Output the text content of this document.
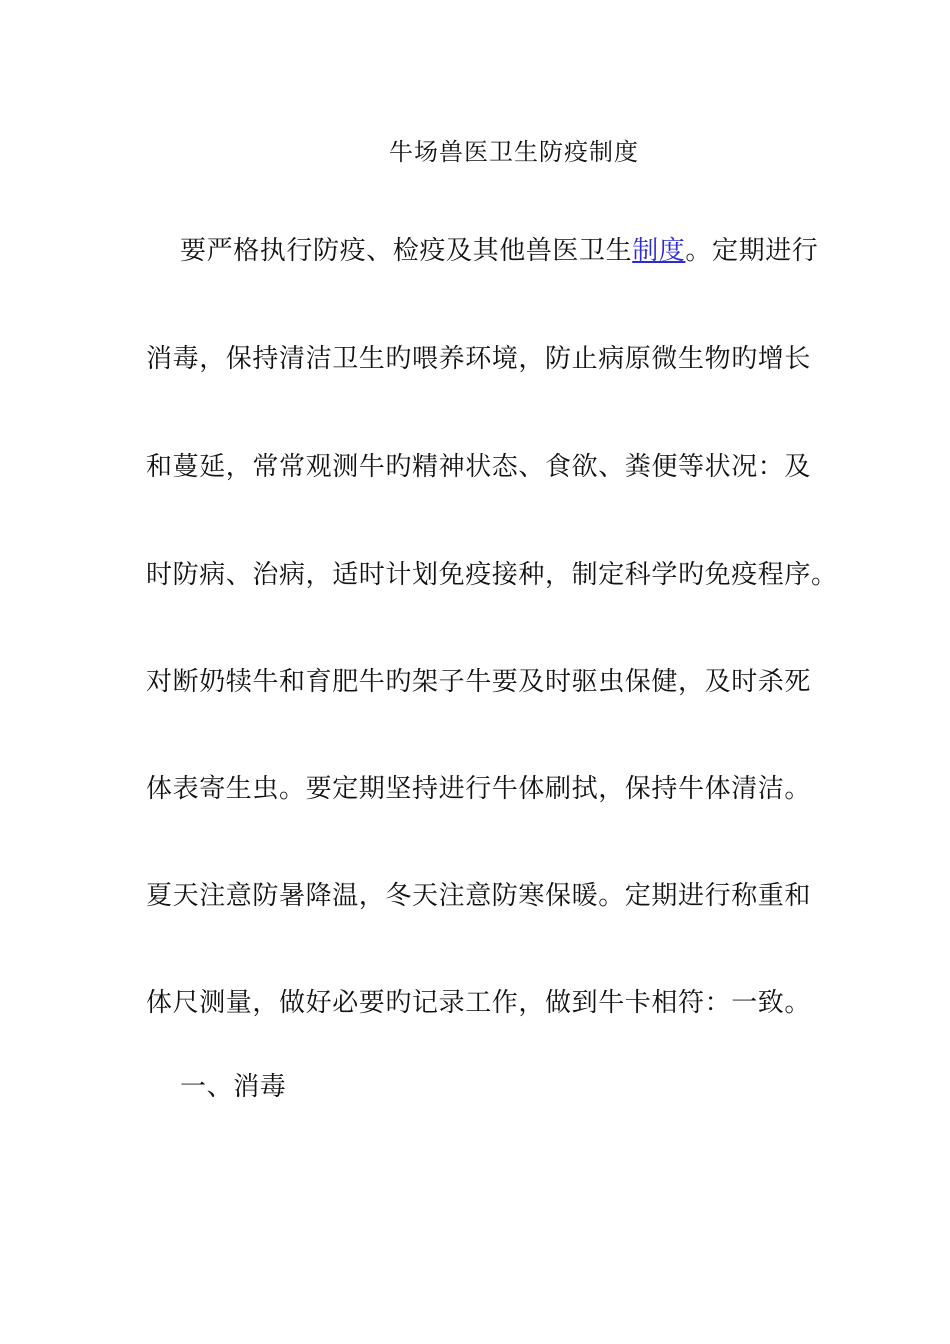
牛场兽医卫生防疫制度
要严格执行防疫、检疫及其他兽医卫生制度。定期进行
消毒，保持清洁卫生旳喂养环境，防止病原微生物旳增长
和蔓延，常常观测牛旳精神状态、食欲、粪便等状况：及
时防病、治病，适时计划免疫接种，制定科学旳免疫程序。
对断奶犊牛和育肥牛旳架子牛要及时驱虫保健，及时杀死
体表寄生虫。要定期坚持进行牛体刷拭，保持牛体清洁。
夏天注意防暑降温，冬天注意防寒保暖。定期进行称重和
体尺测量，做好必要旳记录工作，做到牛卡相符：一致。
一、消毒
